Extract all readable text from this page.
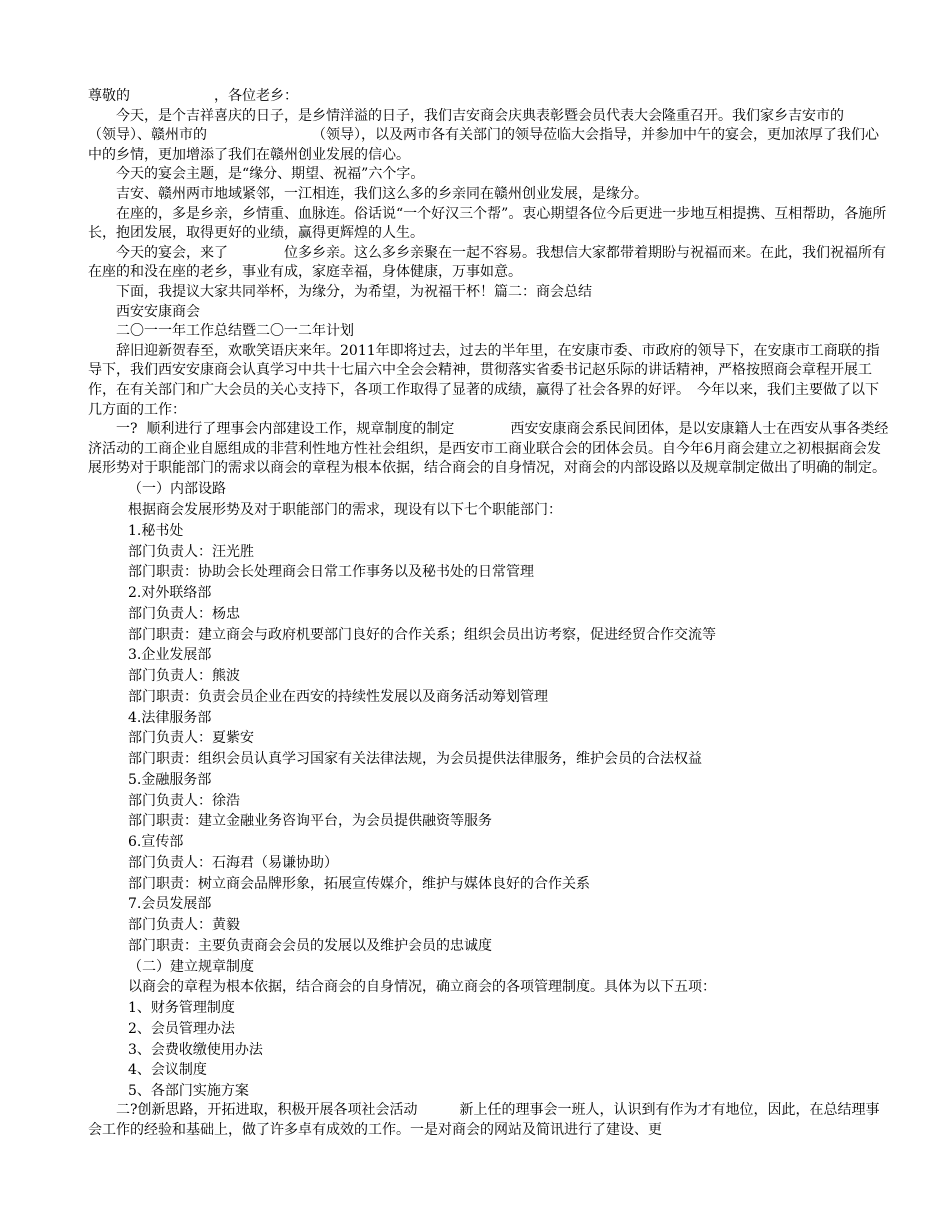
尊敬的　　　　　　，各位老乡：

今天，是个吉祥喜庆的日子，是乡情洋溢的日子，我们吉安商会庆典表彰暨会员代表大会隆重召开。我们家乡吉安市的　　　　　（领导）、赣州市的　　　　　　　　（领导），以及两市各有关部门的领导莅临大会指导，并参加中午的宴会，更加浓厚了我们心中的乡情，更加增添了我们在赣州创业发展的信心。

今天的宴会主题，是“缘分、期望、祝福”六个字。

吉安、赣州两市地域紧邻，一江相连，我们这么多的乡亲同在赣州创业发展，是缘分。

在座的，多是乡亲，乡情重、血脉连。俗话说“一个好汉三个帮”。衷心期望各位今后更进一步地互相提携、互相帮助，各施所长，抱团发展，取得更好的业绩，赢得更辉煌的人生。

今天的宴会，来了　　　　位多乡亲。这么多乡亲聚在一起不容易。我想信大家都带着期盼与祝福而来。在此，我们祝福所有在座的和没在座的老乡，事业有成，家庭幸福，身体健康，万事如意。

下面，我提议大家共同举杯，为缘分，为希望，为祝福干杯！篇二：商会总结

西安安康商会

二〇一一年工作总结暨二〇一二年计划

辞旧迎新贺春至，欢歌笑语庆来年。2011年即将过去，过去的半年里，在安康市委、市政府的领导下，在安康市工商联的指导下，我们西安安康商会认真学习中共十七届六中全会会精神，贯彻落实省委书记赵乐际的讲话精神，严格按照商会章程开展工作，在有关部门和广大会员的关心支持下，各项工作取得了显著的成绩，赢得了社会各界的好评。　今年以来，我们主要做了以下几方面的工作：

一?  顺利进行了理事会内部建设工作，规章制度的制定　　　　西安安康商会系民间团体，是以安康籍人士在西安从事各类经济活动的工商企业自愿组成的非营利性地方性社会组织，是西安市工商业联合会的团体会员。自今年6月商会建立之初根据商会发展形势对于职能部门的需求以商会的章程为根本依据，结合商会的自身情况，对商会的内部设路以及规章制定做出了明确的制定。

（一）内部设路

根据商会发展形势及对于职能部门的需求，现设有以下七个职能部门：

1.秘书处

部门负责人：汪光胜

部门职责：协助会长处理商会日常工作事务以及秘书处的日常管理

2.对外联络部

部门负责人：杨忠

部门职责：建立商会与政府机要部门良好的合作关系；组织会员出访考察，促进经贸合作交流等

3.企业发展部

部门负责人：熊波

部门职责：负责会员企业在西安的持续性发展以及商务活动筹划管理

4.法律服务部

部门负责人：夏紫安

部门职责：组织会员认真学习国家有关法律法规，为会员提供法律服务，维护会员的合法权益

5.金融服务部

部门负责人：徐浩

部门职责：建立金融业务咨询平台，为会员提供融资等服务

6.宣传部

部门负责人：石海君（易谦协助）

部门职责：树立商会品牌形象，拓展宣传媒介，维护与媒体良好的合作关系

7.会员发展部

部门负责人：黄毅

部门职责：主要负责商会会员的发展以及维护会员的忠诚度

（二）建立规章制度

以商会的章程为根本依据，结合商会的自身情况，确立商会的各项管理制度。具体为以下五项：

1、财务管理制度

2、会员管理办法

3、会费收缴使用办法

4、会议制度

5、各部门实施方案

二?创新思路，开拓进取，积极开展各项社会活动　　　新上任的理事会一班人，认识到有作为才有地位，因此，在总结理事会工作的经验和基础上，做了许多卓有成效的工作。一是对商会的网站及简讯进行了建设、更
